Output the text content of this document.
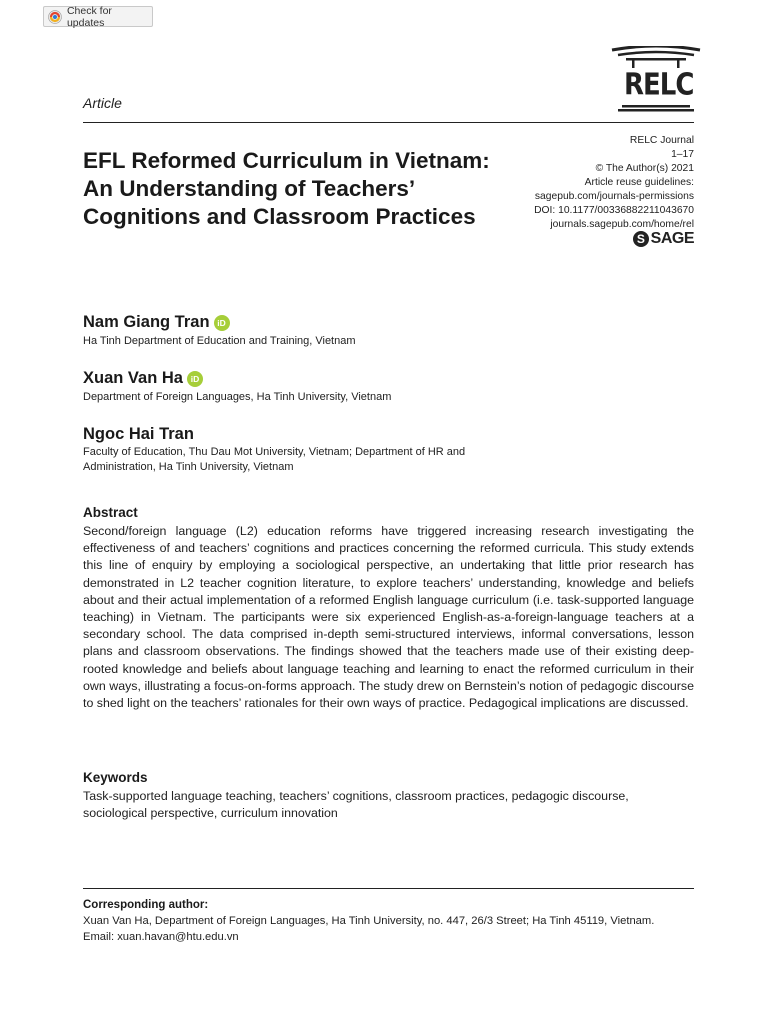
Check for updates
RELC
Article
EFL Reformed Curriculum in Vietnam: An Understanding of Teachers’ Cognitions and Classroom Practices
RELC Journal
1–17
© The Author(s) 2021
Article reuse guidelines:
sagepub.com/journals-permissions
DOI: 10.1177/00336882211043670
journals.sagepub.com/home/rel
S SAGE
Nam Giang Tran iD
Ha Tinh Department of Education and Training, Vietnam
Xuan Van Ha iD
Department of Foreign Languages, Ha Tinh University, Vietnam
Ngoc Hai Tran
Faculty of Education, Thu Dau Mot University, Vietnam; Department of HR and Administration, Ha Tinh University, Vietnam
Abstract
Second/foreign language (L2) education reforms have triggered increasing research investigating the effectiveness of and teachers’ cognitions and practices concerning the reformed curricula. This study extends this line of enquiry by employing a sociological perspective, an undertaking that little prior research has demonstrated in L2 teacher cognition literature, to explore teachers’ understanding, knowledge and beliefs about and their actual implementation of a reformed English language curriculum (i.e. task-supported language teaching) in Vietnam. The participants were six experienced English-as-a-foreign-language teachers at a secondary school. The data comprised in-depth semi-structured interviews, informal conversations, lesson plans and classroom observations. The findings showed that the teachers made use of their existing deep-rooted knowledge and beliefs about language teaching and learning to enact the reformed curriculum in their own ways, illustrating a focus-on-forms approach. The study drew on Bernstein’s notion of pedagogic discourse to shed light on the teachers’ rationales for their own ways of practice. Pedagogical implications are discussed.
Keywords
Task-supported language teaching, teachers’ cognitions, classroom practices, pedagogic discourse, sociological perspective, curriculum innovation
Corresponding author:
Xuan Van Ha, Department of Foreign Languages, Ha Tinh University, no. 447, 26/3 Street; Ha Tinh 45119, Vietnam.
Email: xuan.havan@htu.edu.vn
